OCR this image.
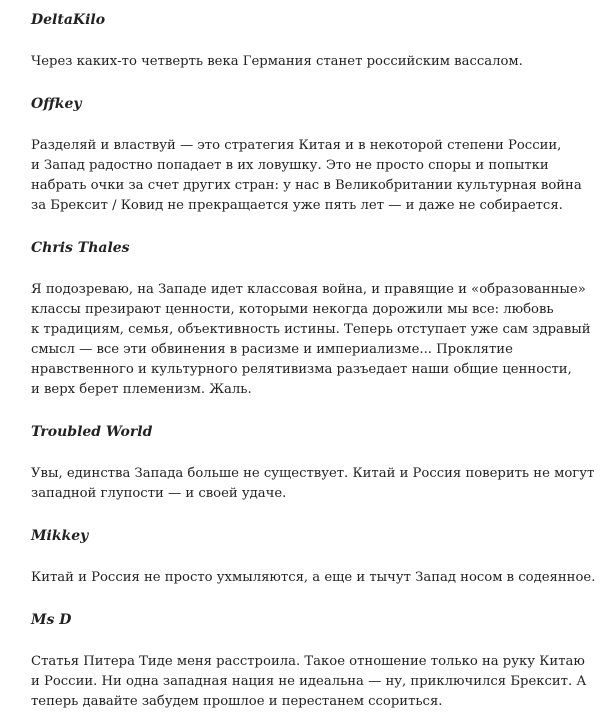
DeltaKilo

Через каких-то четверть века Германия станет российским вассалом.

Offkey

Разделяй и властвуй — это стратегия Китая и в некоторой степени России,
и Запад радостно попадает в их ловушку. Это не просто споры и попытки
набрать очки за счет других стран: у нас в Великобритании культурная война
за Брексит / Ковид не прекращается уже пять лет — и даже не собирается.

Chris Thales

Я подозреваю, на Западе идет классовая война, и правящие и «образованные»
классы презирают ценности, которыми некогда дорожили мы все: любовь
к традициям, семья, объективность истины. Теперь отступает уже сам здравый
смысл — все эти обвинения в расизме и империализме... Проклятие
нравственного и культурного релятивизма разъедает наши общие ценности,
и верх берет племенизм. Жаль.

Troubled World

Увы, единства Запада больше не существует. Китай и Россия поверить не могут
западной глупости — и своей удаче.

Mikkey

Китай и Россия не просто ухмыляются, а еще и тычут Запад носом в содеянное.

Ms D

Статья Питера Тиде меня расстроила. Такое отношение только на руку Китаю
и России. Ни одна западная нация не идеальна — ну, приключился Брексит. А
теперь давайте забудем прошлое и перестанем ссориться.
